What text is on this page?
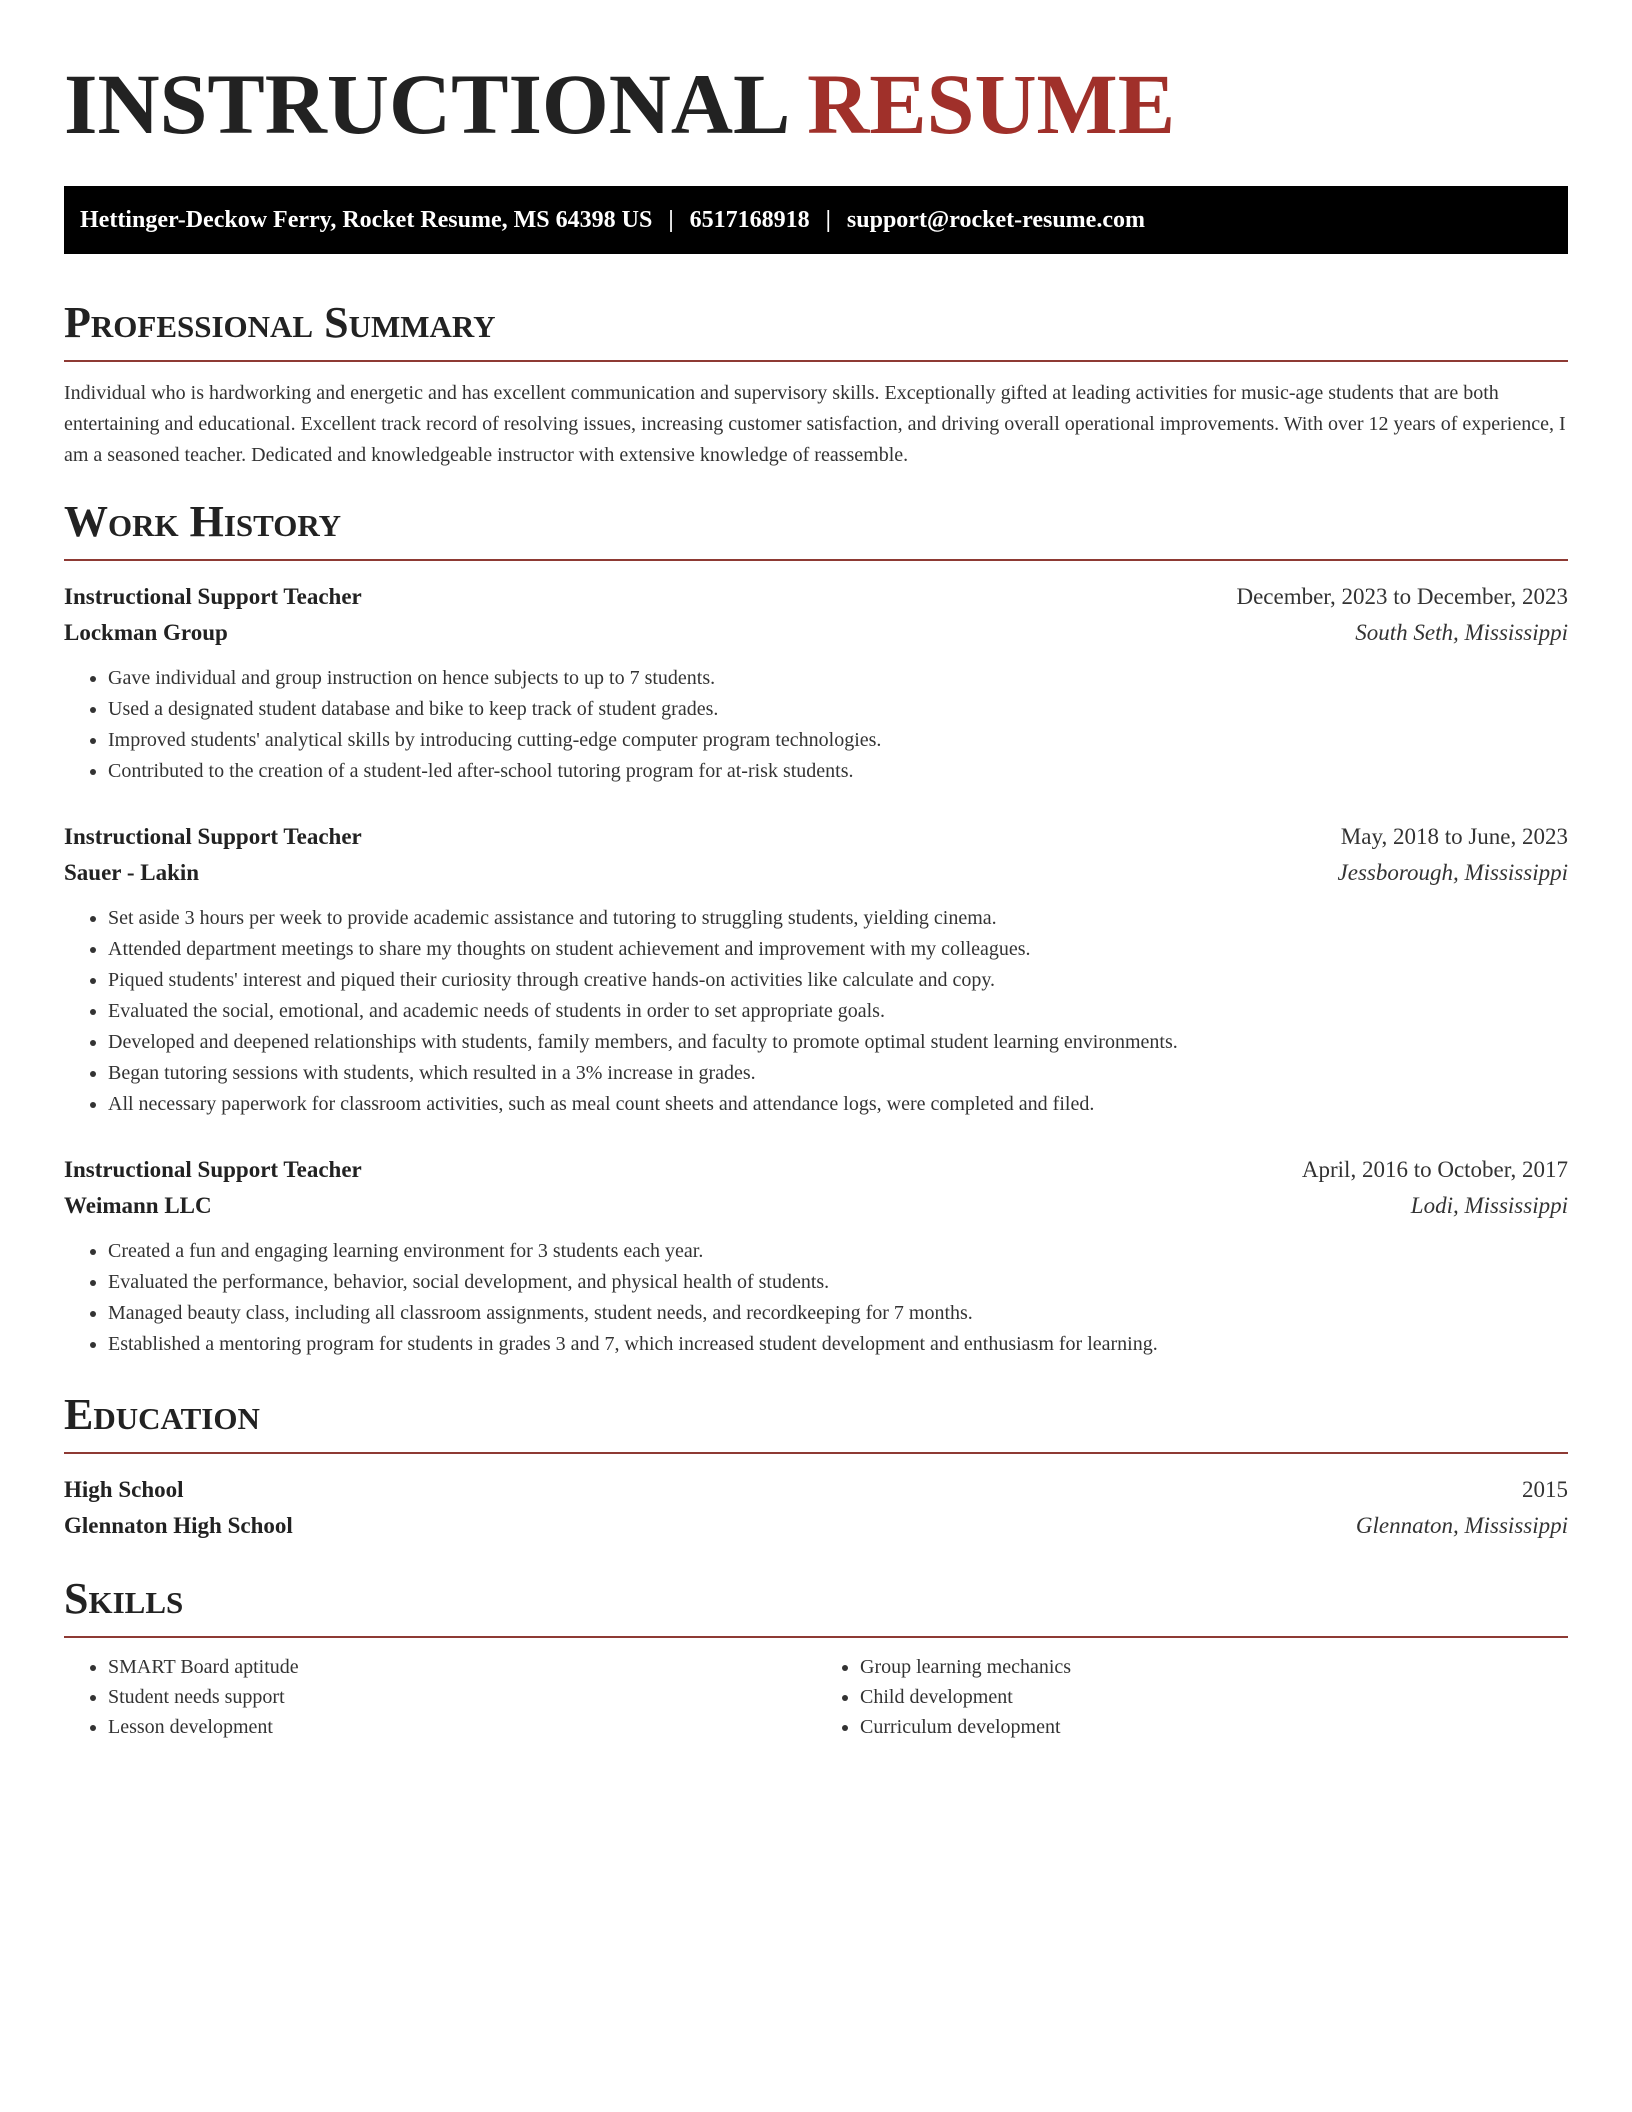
INSTRUCTIONAL RESUME
Hettinger-Deckow Ferry, Rocket Resume, MS 64398 US | 6517168918 | support@rocket-resume.com
Professional Summary

Individual who is hardworking and energetic and has excellent communication and supervisory skills. Exceptionally gifted at leading activities for music-age students that are both entertaining and educational. Excellent track record of resolving issues, increasing customer satisfaction, and driving overall operational improvements. With over 12 years of experience, I am a seasoned teacher. Dedicated and knowledgeable instructor with extensive knowledge of reassemble.

Work History
Instructional Support Teacher	December, 2023 to December, 2023
Lockman Group	South Seth, Mississippi
• Gave individual and group instruction on hence subjects to up to 7 students.
• Used a designated student database and bike to keep track of student grades.
• Improved students' analytical skills by introducing cutting-edge computer program technologies.
• Contributed to the creation of a student-led after-school tutoring program for at-risk students.
Instructional Support Teacher	May, 2018 to June, 2023
Sauer - Lakin	Jessborough, Mississippi
• Set aside 3 hours per week to provide academic assistance and tutoring to struggling students, yielding cinema.
• Attended department meetings to share my thoughts on student achievement and improvement with my colleagues.
• Piqued students' interest and piqued their curiosity through creative hands-on activities like calculate and copy.
• Evaluated the social, emotional, and academic needs of students in order to set appropriate goals.
• Developed and deepened relationships with students, family members, and faculty to promote optimal student learning environments.
• Began tutoring sessions with students, which resulted in a 3% increase in grades.
• All necessary paperwork for classroom activities, such as meal count sheets and attendance logs, were completed and filed.
Instructional Support Teacher	April, 2016 to October, 2017
Weimann LLC	Lodi, Mississippi
• Created a fun and engaging learning environment for 3 students each year.
• Evaluated the performance, behavior, social development, and physical health of students.
• Managed beauty class, including all classroom assignments, student needs, and recordkeeping for 7 months.
• Established a mentoring program for students in grades 3 and 7, which increased student development and enthusiasm for learning.
Education
High School	2015
Glennaton High School	Glennaton, Mississippi
Skills
• SMART Board aptitude
• Student needs support
• Lesson development
• Group learning mechanics
• Child development
• Curriculum development
